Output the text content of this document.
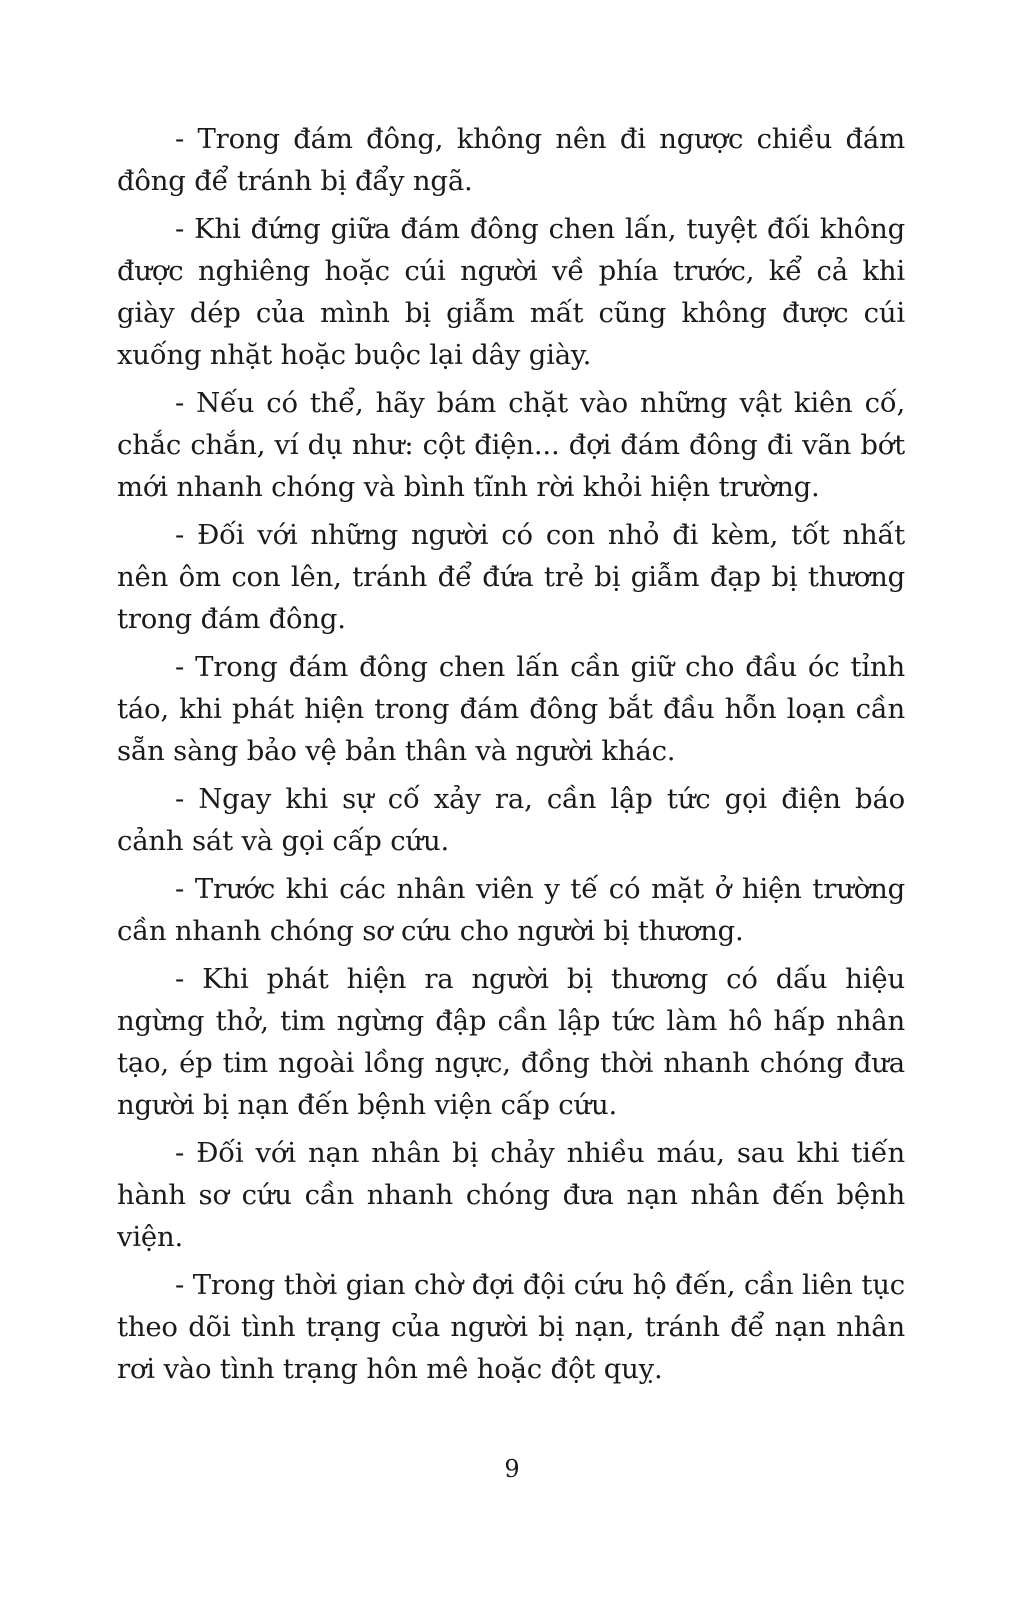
- Trong đám đông, không nên đi ngược chiều đám đông để tránh bị đẩy ngã.

- Khi đứng giữa đám đông chen lấn, tuyệt đối không được nghiêng hoặc cúi người về phía trước, kể cả khi giày dép của mình bị giẫm mất cũng không được cúi xuống nhặt hoặc buộc lại dây giày.

- Nếu có thể, hãy bám chặt vào những vật kiên cố, chắc chắn, ví dụ như: cột điện... đợi đám đông đi vãn bớt mới nhanh chóng và bình tĩnh rời khỏi hiện trường.

- Đối với những người có con nhỏ đi kèm, tốt nhất nên ôm con lên, tránh để đứa trẻ bị giẫm đạp bị thương trong đám đông.

- Trong đám đông chen lấn cần giữ cho đầu óc tỉnh táo, khi phát hiện trong đám đông bắt đầu hỗn loạn cần sẵn sàng bảo vệ bản thân và người khác.

- Ngay khi sự cố xảy ra, cần lập tức gọi điện báo cảnh sát và gọi cấp cứu.

- Trước khi các nhân viên y tế có mặt ở hiện trường cần nhanh chóng sơ cứu cho người bị thương.

- Khi phát hiện ra người bị thương có dấu hiệu ngừng thở, tim ngừng đập cần lập tức làm hô hấp nhân tạo, ép tim ngoài lồng ngực, đồng thời nhanh chóng đưa người bị nạn đến bệnh viện cấp cứu.

- Đối với nạn nhân bị chảy nhiều máu, sau khi tiến hành sơ cứu cần nhanh chóng đưa nạn nhân đến bệnh viện.

- Trong thời gian chờ đợi đội cứu hộ đến, cần liên tục theo dõi tình trạng của người bị nạn, tránh để nạn nhân rơi vào tình trạng hôn mê hoặc đột quỵ.

9
